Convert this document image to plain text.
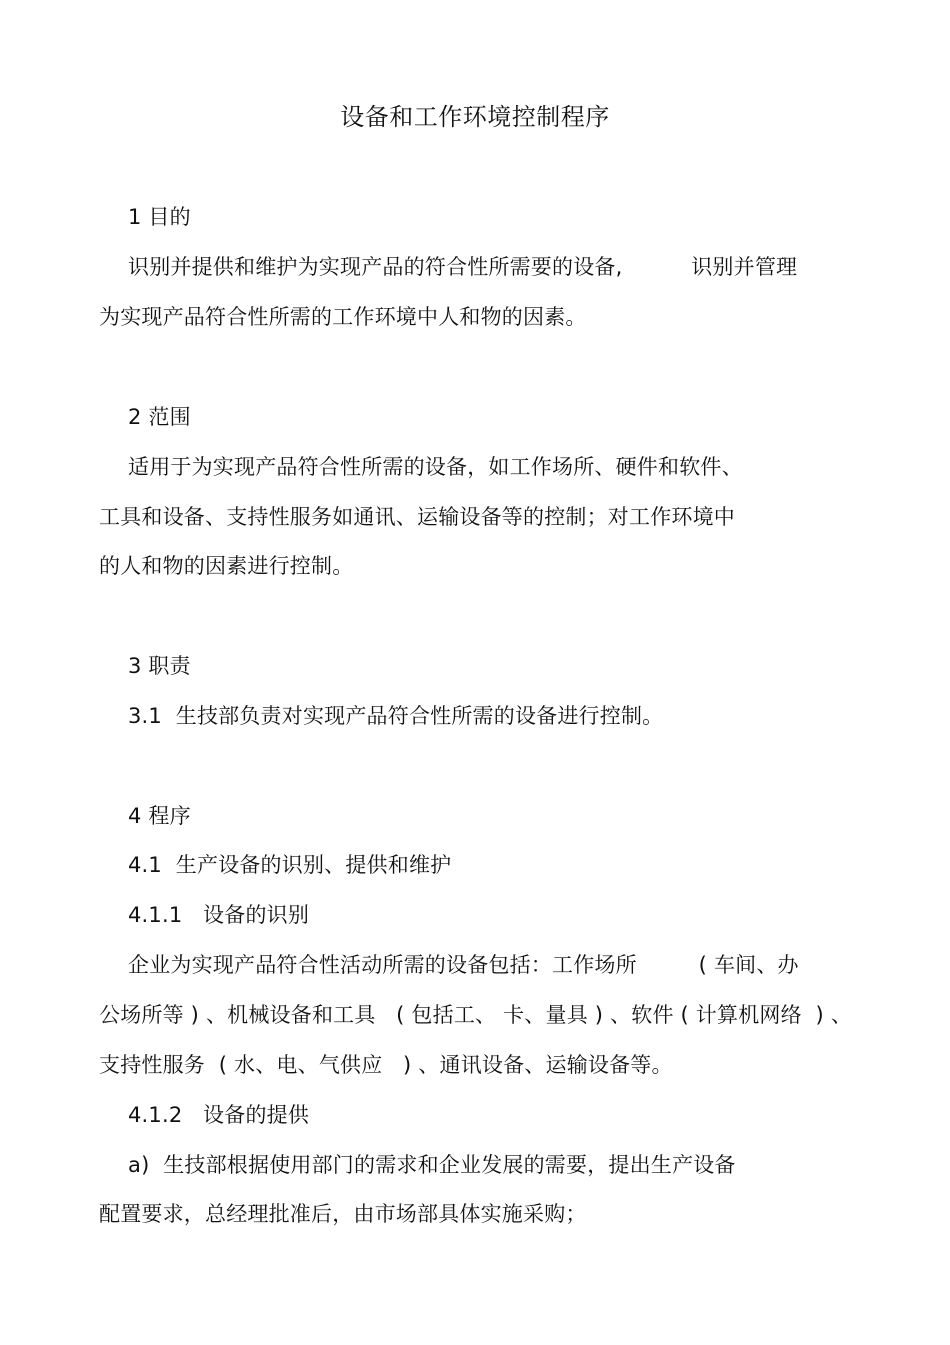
设备和工作环境控制程序

1 目的

识别并提供和维护为实现产品的符合性所需要的设备,          识别并管理

为实现产品符合性所需的工作环境中人和物的因素。

2 范围

适用于为实现产品符合性所需的设备，如工作场所、硬件和软件、

工具和设备、支持性服务如通讯、运输设备等的控制；对工作环境中

的人和物的因素进行控制。

3 职责

3.1  生技部负责对实现产品符合性所需的设备进行控制。

4 程序

4.1  生产设备的识别、提供和维护

4.1.1   设备的识别

企业为实现产品符合性活动所需的设备包括：工作场所         ( 车间、办

公场所等 ) 、机械设备和工具   ( 包括工、 卡、量具 ) 、软件 ( 计算机网络  ) 、

支持性服务  ( 水、电、气供应   ) 、通讯设备、运输设备等。

4.1.2   设备的提供

a)  生技部根据使用部门的需求和企业发展的需要，提出生产设备

配置要求，总经理批准后，由市场部具体实施采购；
